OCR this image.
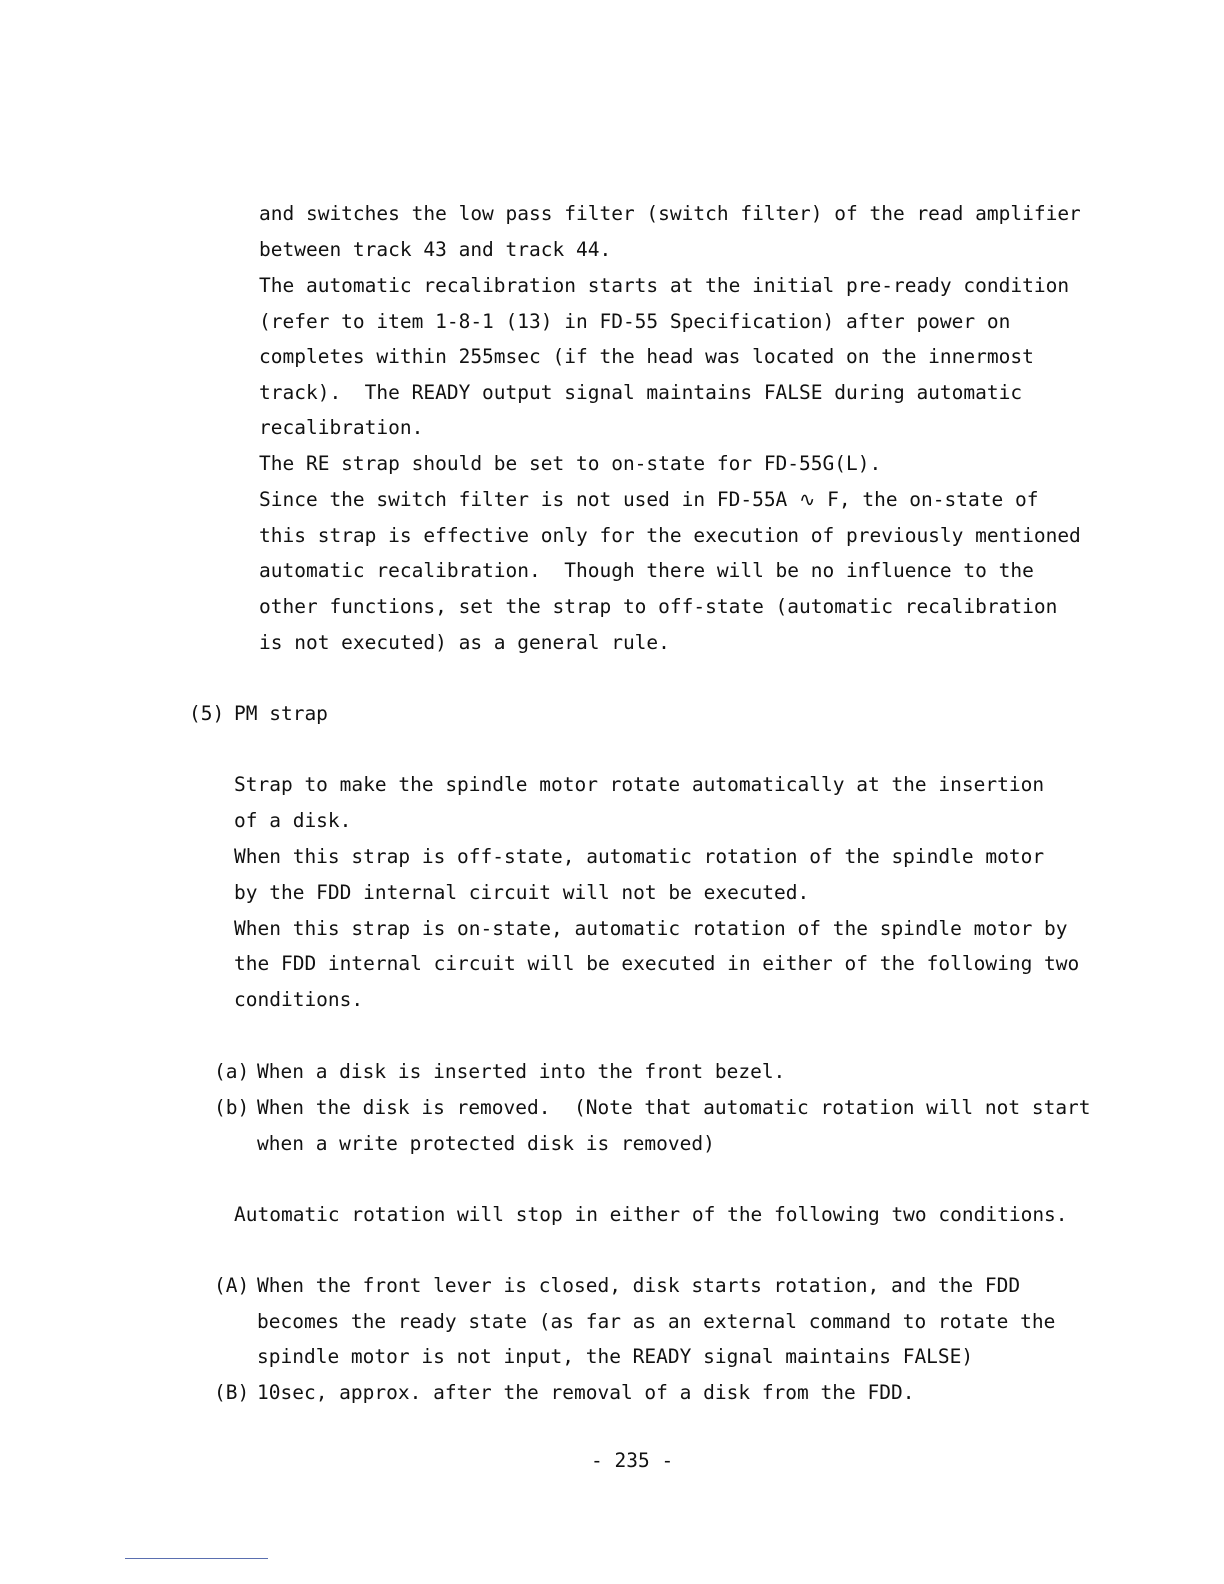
and switches the low pass filter (switch filter) of the read amplifier
between track 43 and track 44.
The automatic recalibration starts at the initial pre-ready condition
(refer to item 1-8-1 (13) in FD-55 Specification) after power on
completes within 255msec (if the head was located on the innermost
track).  The READY output signal maintains FALSE during automatic
recalibration.
The RE strap should be set to on-state for FD-55G(L).
Since the switch filter is not used in FD-55A ∿ F, the on-state of
this strap is effective only for the execution of previously mentioned
automatic recalibration.  Though there will be no influence to the
other functions, set the strap to off-state (automatic recalibration
is not executed) as a general rule.
(5) PM strap
Strap to make the spindle motor rotate automatically at the insertion
of a disk.
When this strap is off-state, automatic rotation of the spindle motor
by the FDD internal circuit will not be executed.
When this strap is on-state, automatic rotation of the spindle motor by
the FDD internal circuit will be executed in either of the following two
conditions.
(a) When a disk is inserted into the front bezel.
(b) When the disk is removed.  (Note that automatic rotation will not start
when a write protected disk is removed)
Automatic rotation will stop in either of the following two conditions.
(A) When the front lever is closed, disk starts rotation, and the FDD
becomes the ready state (as far as an external command to rotate the
spindle motor is not input, the READY signal maintains FALSE)
(B) 10sec, approx. after the removal of a disk from the FDD.
- 235 -
